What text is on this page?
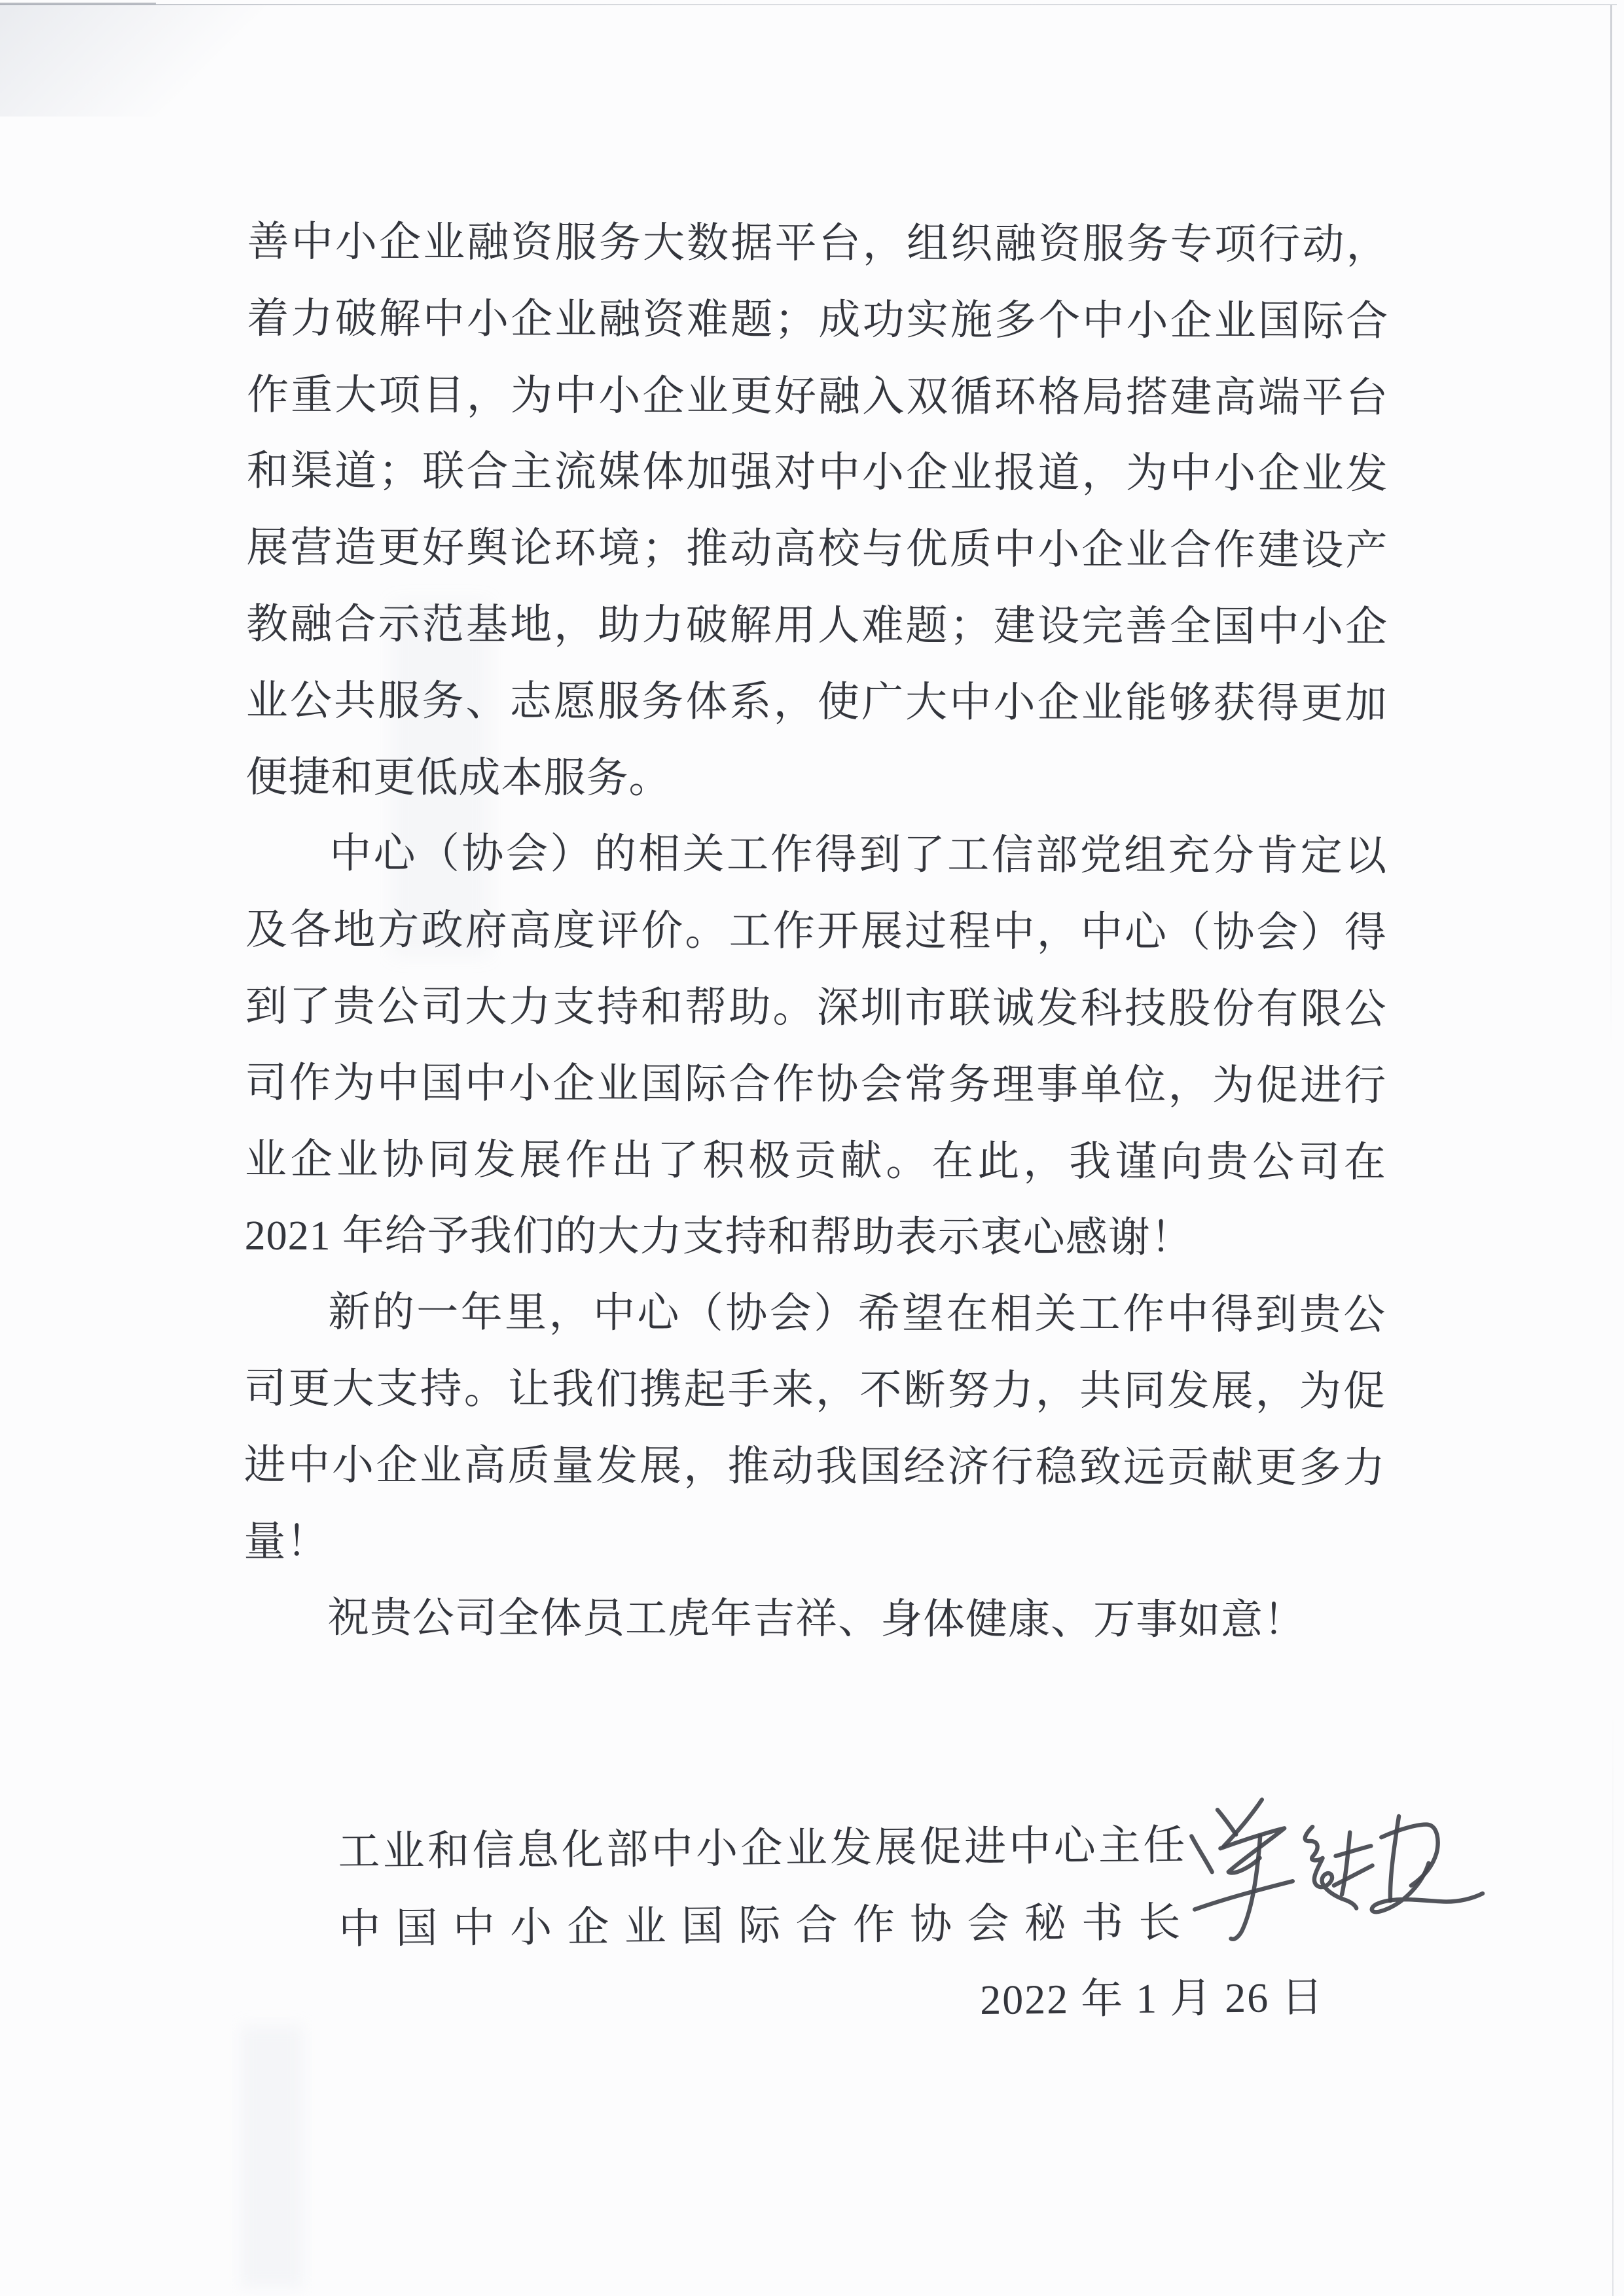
善中小企业融资服务大数据平台，组织融资服务专项行动，
着力破解中小企业融资难题；成功实施多个中小企业国际合
作重大项目，为中小企业更好融入双循环格局搭建高端平台
和渠道；联合主流媒体加强对中小企业报道，为中小企业发
展营造更好舆论环境；推动高校与优质中小企业合作建设产
教融合示范基地，助力破解用人难题；建设完善全国中小企
业公共服务、志愿服务体系，使广大中小企业能够获得更加
便捷和更低成本服务。
中心（协会）的相关工作得到了工信部党组充分肯定以
及各地方政府高度评价。工作开展过程中，中心（协会）得
到了贵公司大力支持和帮助。深圳市联诚发科技股份有限公
司作为中国中小企业国际合作协会常务理事单位，为促进行
业企业协同发展作出了积极贡献。在此，我谨向贵公司在
2021 年给予我们的大力支持和帮助表示衷心感谢！
新的一年里，中心（协会）希望在相关工作中得到贵公
司更大支持。让我们携起手来，不断努力，共同发展，为促
进中小企业高质量发展，推动我国经济行稳致远贡献更多力
量！
祝贵公司全体员工虎年吉祥、身体健康、万事如意！
工业和信息化部中小企业发展促进中心主任
中国中小企业国际合作协会秘书长
2022 年 1 月 26 日
